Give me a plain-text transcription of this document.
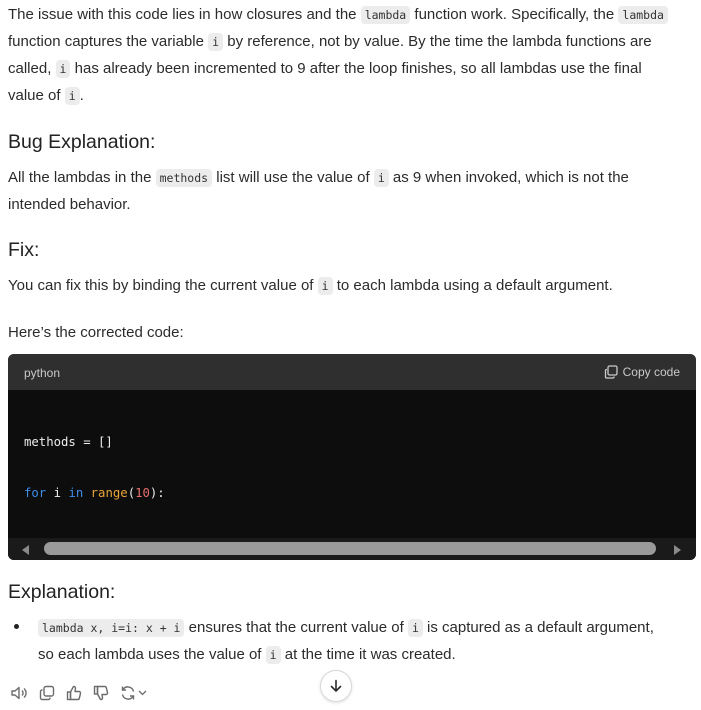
The issue with this code lies in how closures and the lambda function work. Specifically, the lambda

function captures the variable i by reference, not by value. By the time the lambda functions are

called, i has already been incremented to 9 after the loop finishes, so all lambdas use the final

value of i .

Bug Explanation:

All the lambdas in the methods list will use the value of i as 9 when invoked, which is not the

intended behavior.

Fix:

You can fix this by binding the current value of i to each lambda using a default argument.

Here’s the corrected code:

Explanation:

lambda x, i=i: x + i ensures that the current value of i is captured as a default argument,

so each lambda uses the value of i at the time it was created.

python	Copy code

methods = []

for i in range(10):
